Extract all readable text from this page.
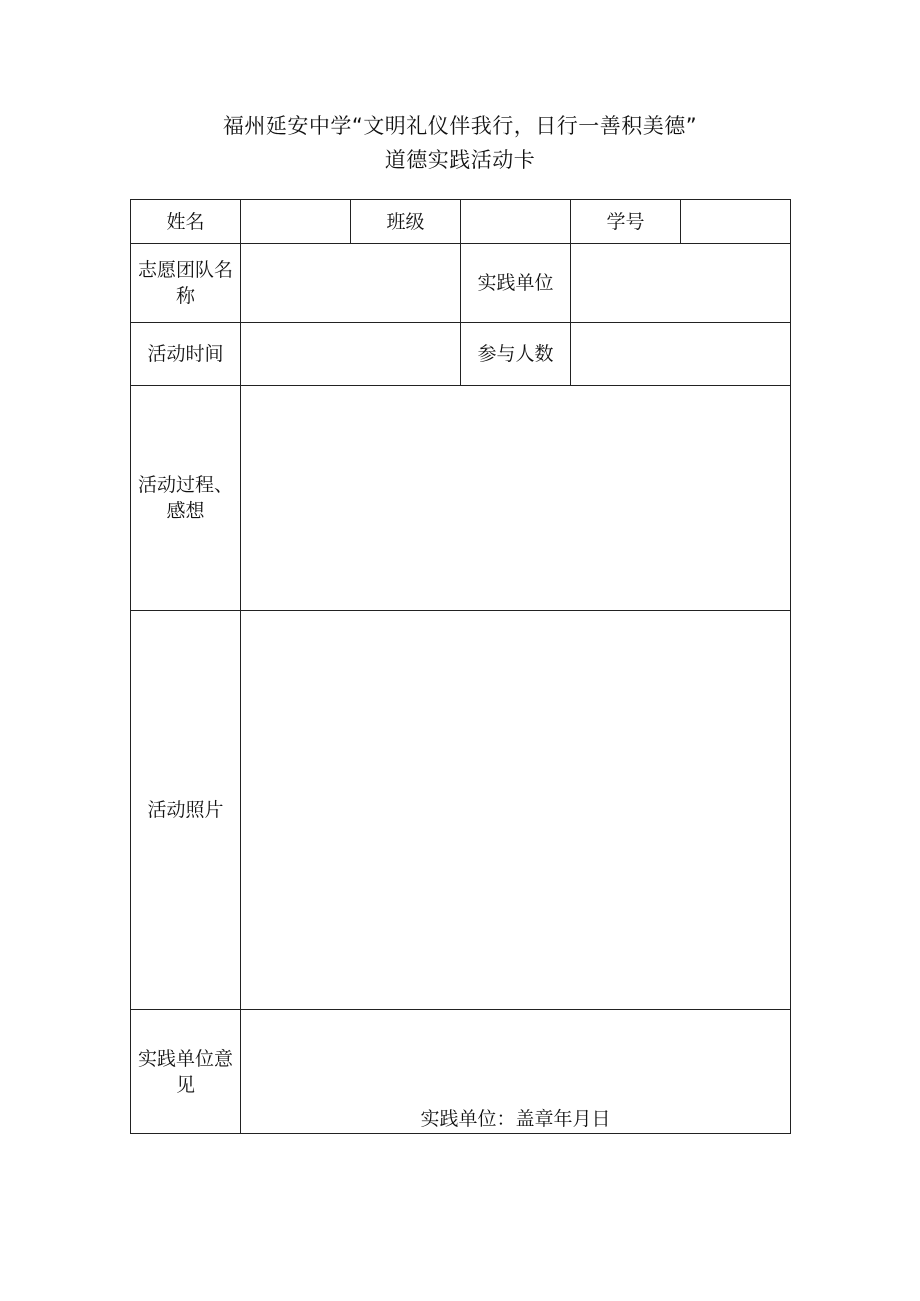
福州延安中学“文明礼仪伴我行，日行一善积美德”
道德实践活动卡
姓名		班级		学号	
志愿团队名称			实践单位		
活动时间			参与人数		
活动过程、感想					
活动照片					
实践单位意见	实践单位：盖章年月日				
